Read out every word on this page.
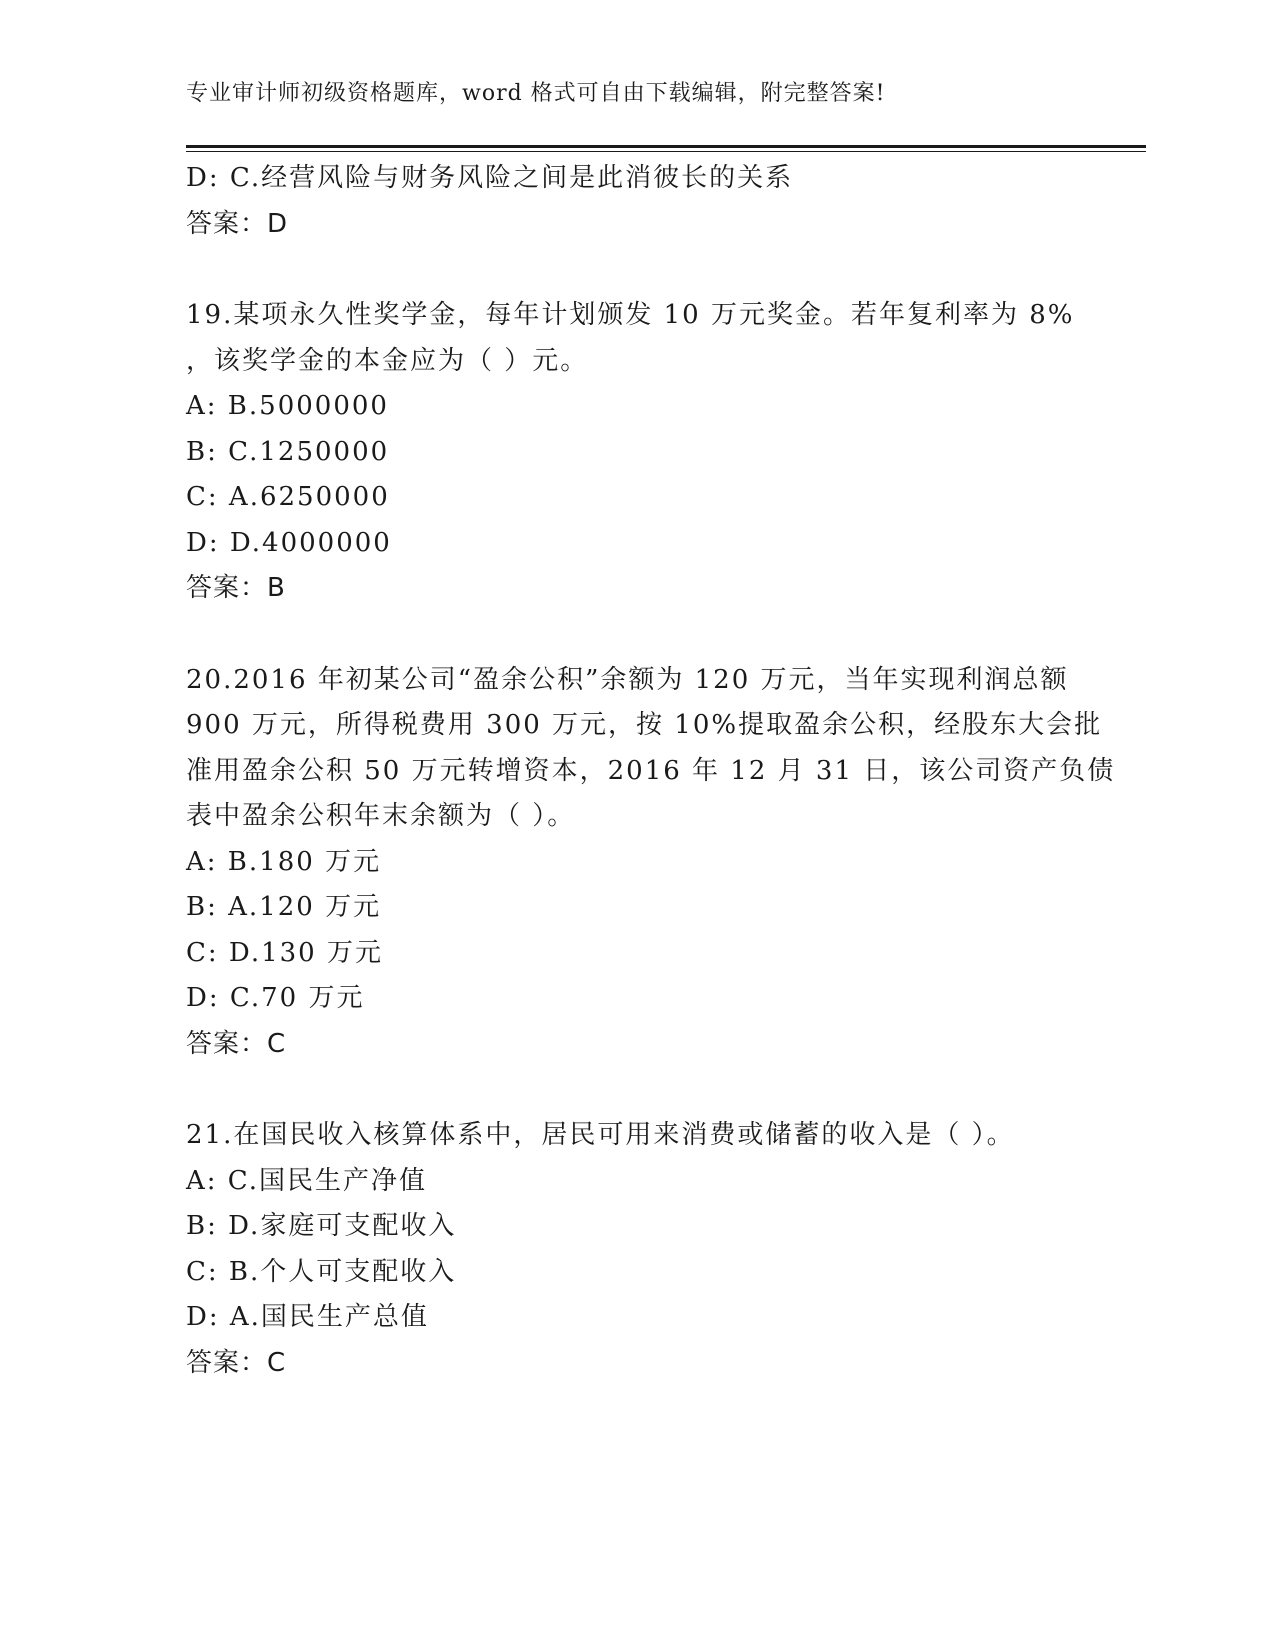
专业审计师初级资格题库，word 格式可自由下载编辑，附完整答案!
D: C.经营风险与财务风险之间是此消彼长的关系
答案：D
19.某项永久性奖学金，每年计划颁发 10 万元奖金。若年复利率为 8%
，该奖学金的本金应为（ ）元。
A: B.5000000
B: C.1250000
C: A.6250000
D: D.4000000
答案：B
20.2016 年初某公司“盈余公积”余额为 120 万元，当年实现利润总额
900 万元，所得税费用 300 万元，按 10%提取盈余公积，经股东大会批
准用盈余公积 50 万元转增资本，2016 年 12 月 31 日，该公司资产负债
表中盈余公积年末余额为（ ）。
A: B.180 万元
B: A.120 万元
C: D.130 万元
D: C.70 万元
答案：C
21.在国民收入核算体系中，居民可用来消费或储蓄的收入是（ ）。
A: C.国民生产净值
B: D.家庭可支配收入
C: B.个人可支配收入
D: A.国民生产总值
答案：C
